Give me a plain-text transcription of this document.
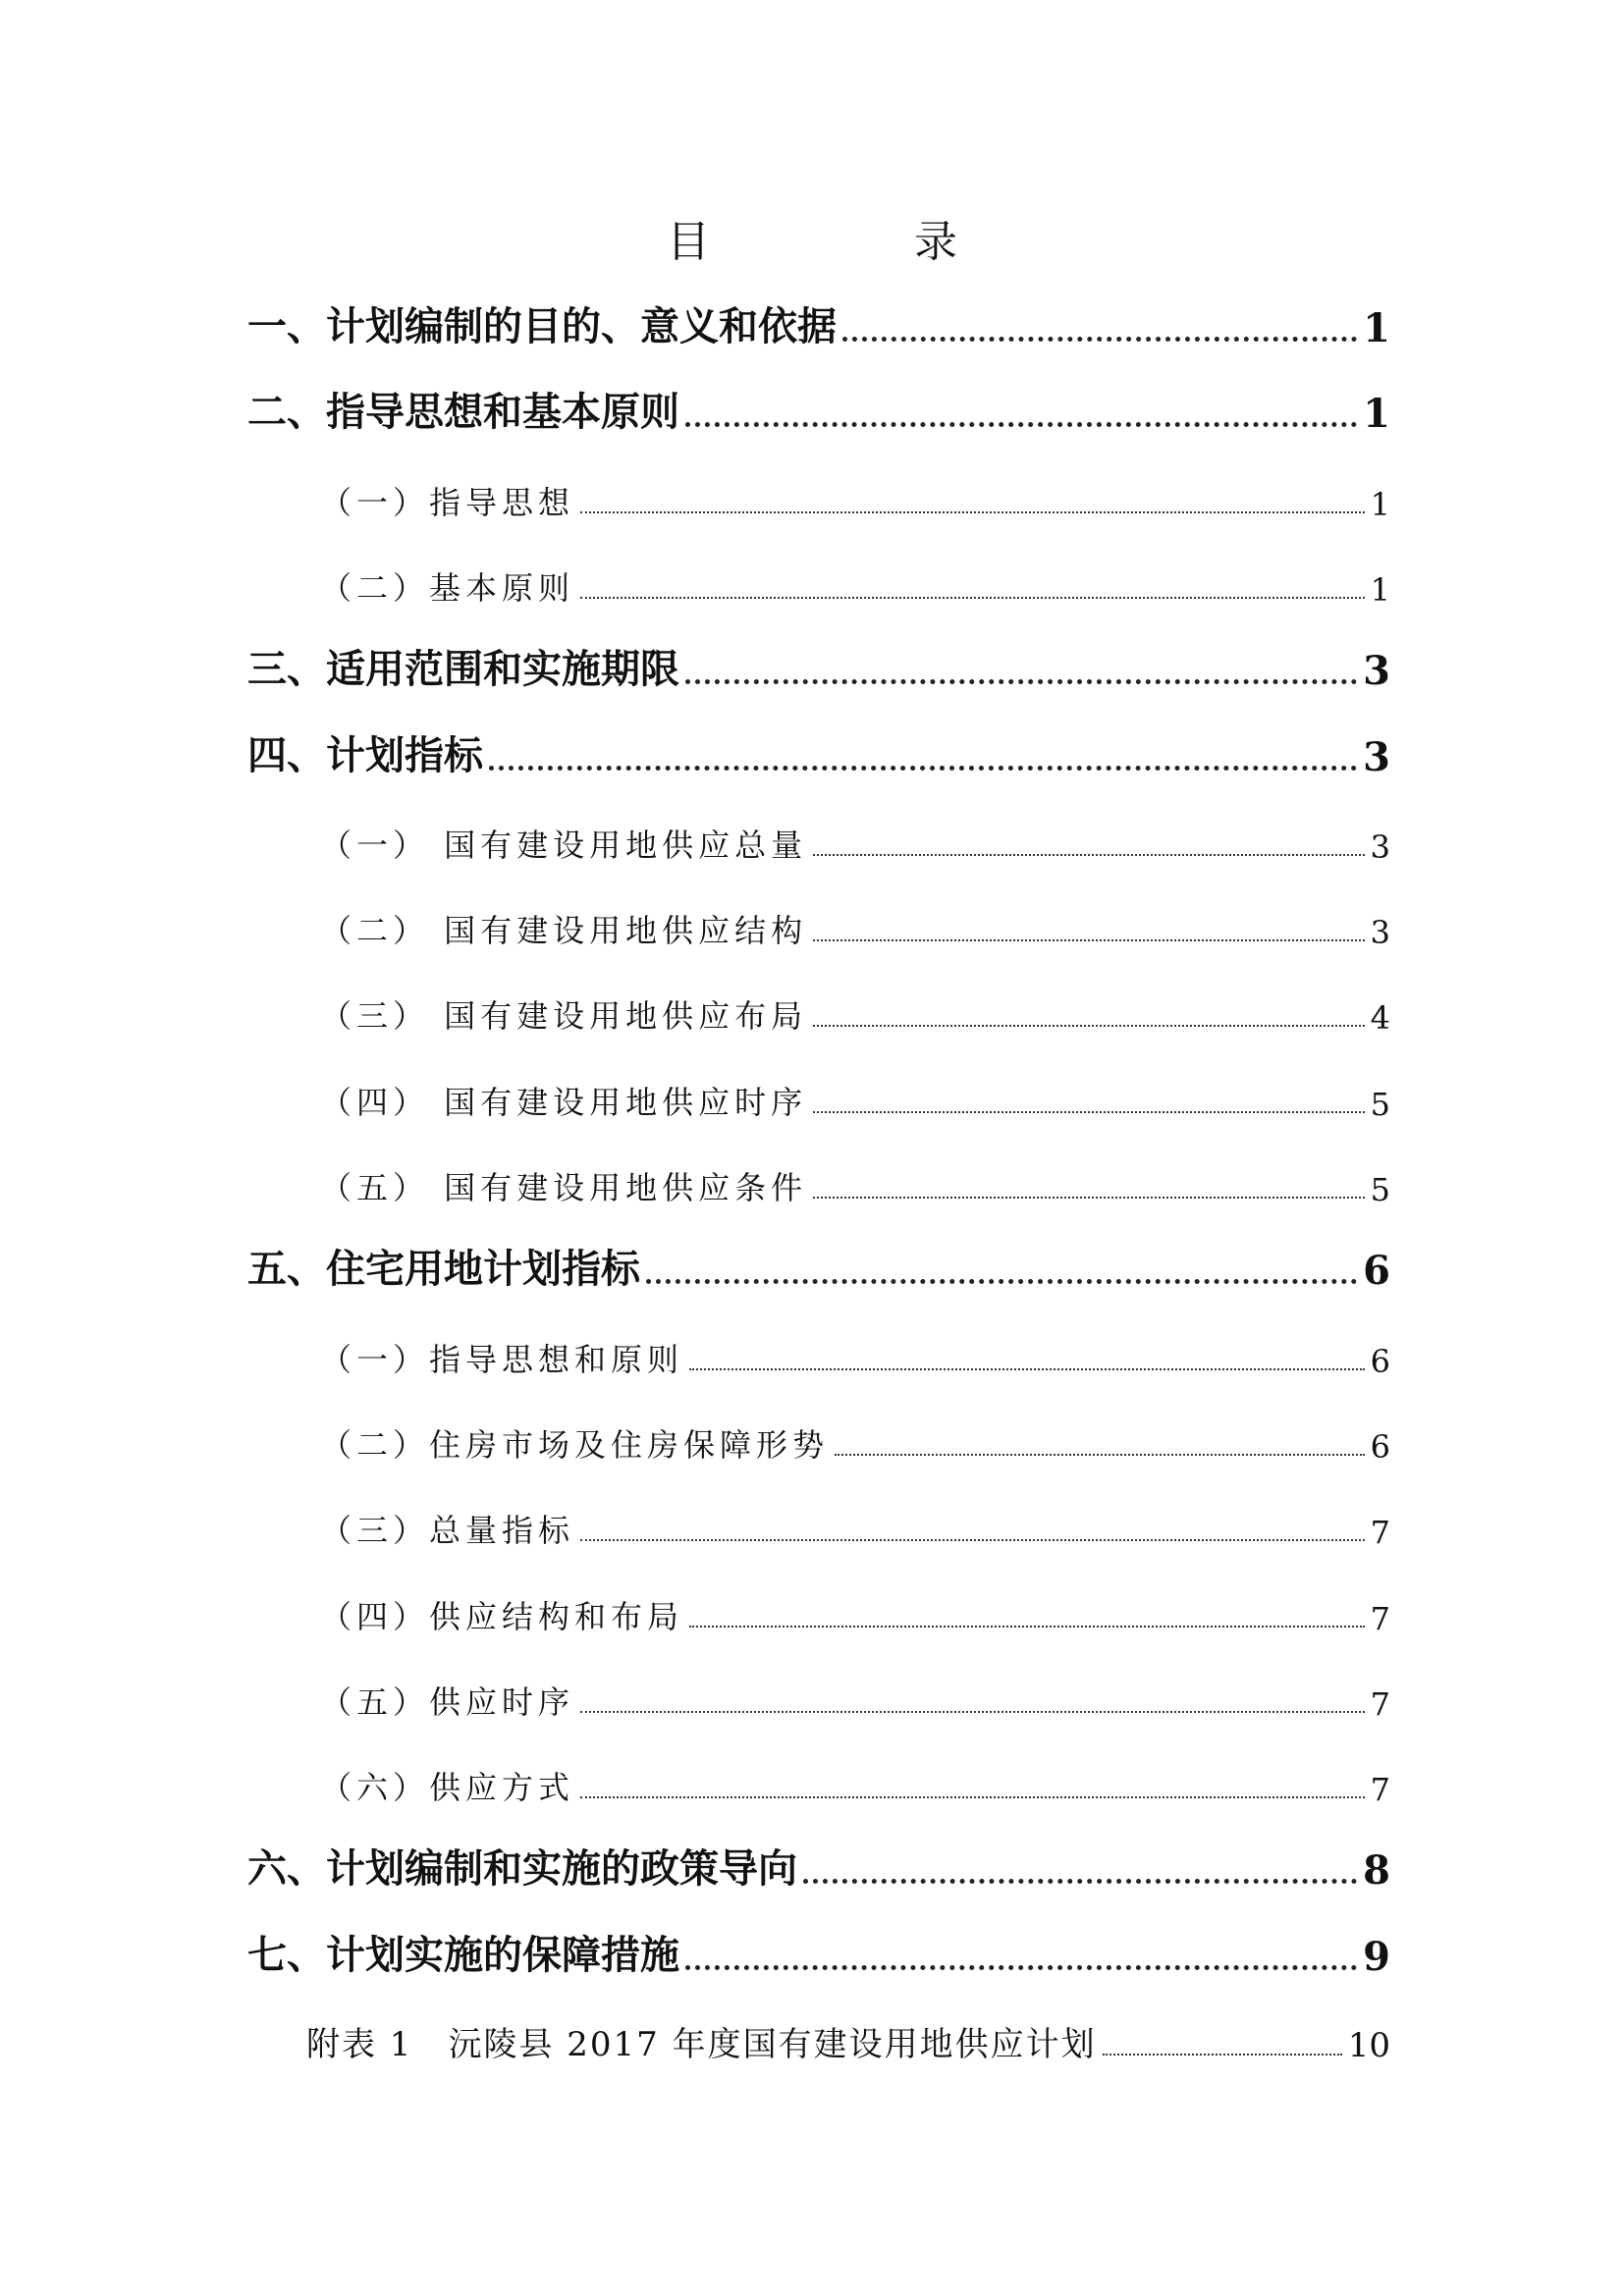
目　录
一、计划编制的目的、意义和依据	1
二、指导思想和基本原则	1
（一）指导思想	1
（二）基本原则	1
三、适用范围和实施期限	3
四、计划指标	3
（一） 国有建设用地供应总量	3
（二） 国有建设用地供应结构	3
（三） 国有建设用地供应布局	4
（四） 国有建设用地供应时序	5
（五） 国有建设用地供应条件	5
五、住宅用地计划指标	6
（一）指导思想和原则	6
（二）住房市场及住房保障形势	6
（三）总量指标	7
（四）供应结构和布局	7
（五）供应时序	7
（六）供应方式	7
六、计划编制和实施的政策导向	8
七、计划实施的保障措施	9
附表 1　沅陵县 2017 年度国有建设用地供应计划	10
